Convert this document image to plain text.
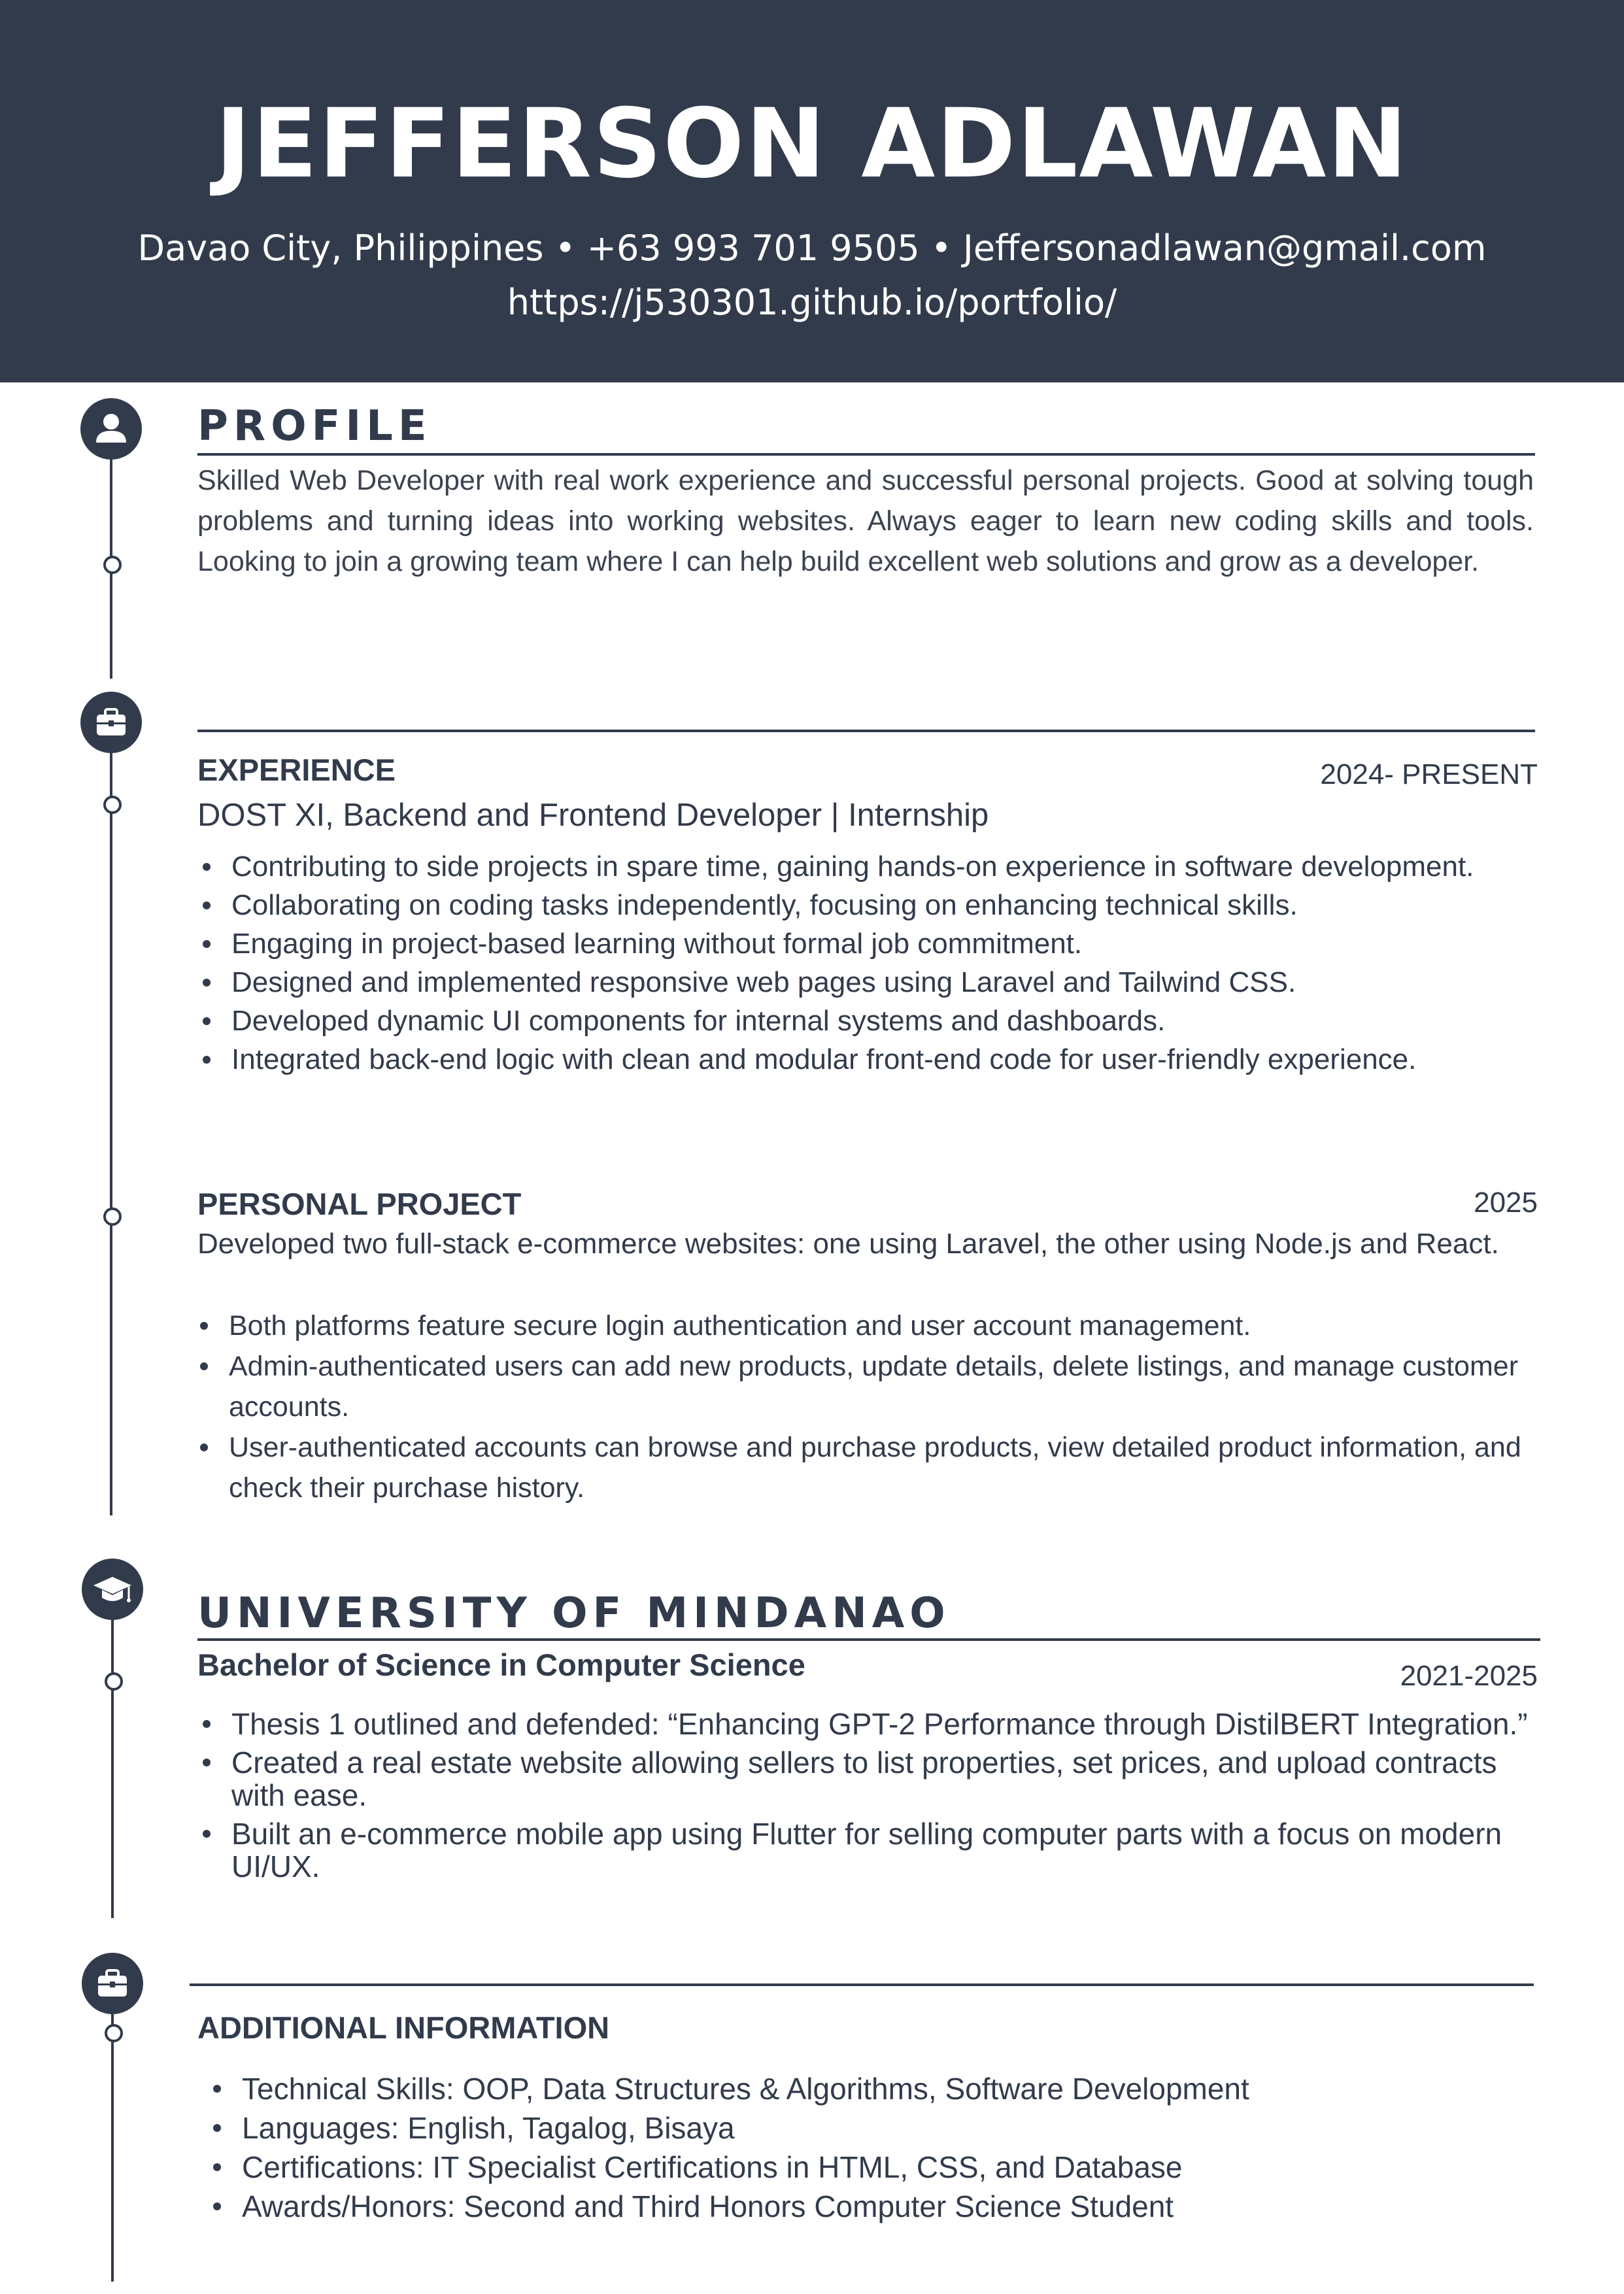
JEFFERSON ADLAWAN
Davao City, Philippines • +63 993 701 9505 • Jeffersonadlawan@gmail.com
https://j530301.github.io/portfolio/
PROFILE
Skilled Web Developer with real work experience and successful personal projects. Good at solving tough problems and turning ideas into working websites. Always eager to learn new coding skills and tools. Looking to join a growing team where I can help build excellent web solutions and grow as a developer.
EXPERIENCE	2024- PRESENT
DOST XI, Backend and Frontend Developer | Internship
Contributing to side projects in spare time, gaining hands-on experience in software development.
Collaborating on coding tasks independently, focusing on enhancing technical skills.
Engaging in project-based learning without formal job commitment.
Designed and implemented responsive web pages using Laravel and Tailwind CSS.
Developed dynamic UI components for internal systems and dashboards.
Integrated back-end logic with clean and modular front-end code for user-friendly experience.
PERSONAL PROJECT	2025
Developed two full-stack e-commerce websites: one using Laravel, the other using Node.js and React.
Both platforms feature secure login authentication and user account management.
Admin-authenticated users can add new products, update details, delete listings, and manage customer accounts.
User-authenticated accounts can browse and purchase products, view detailed product information, and check their purchase history.
UNIVERSITY OF MINDANAO
Bachelor of Science in Computer Science	2021-2025
Thesis 1 outlined and defended: “Enhancing GPT-2 Performance through DistilBERT Integration.”
Created a real estate website allowing sellers to list properties, set prices, and upload contracts with ease.
Built an e-commerce mobile app using Flutter for selling computer parts with a focus on modern UI/UX.
ADDITIONAL INFORMATION
Technical Skills: OOP, Data Structures & Algorithms, Software Development
Languages: English, Tagalog, Bisaya
Certifications: IT Specialist Certifications in HTML, CSS, and Database
Awards/Honors: Second and Third Honors Computer Science Student
